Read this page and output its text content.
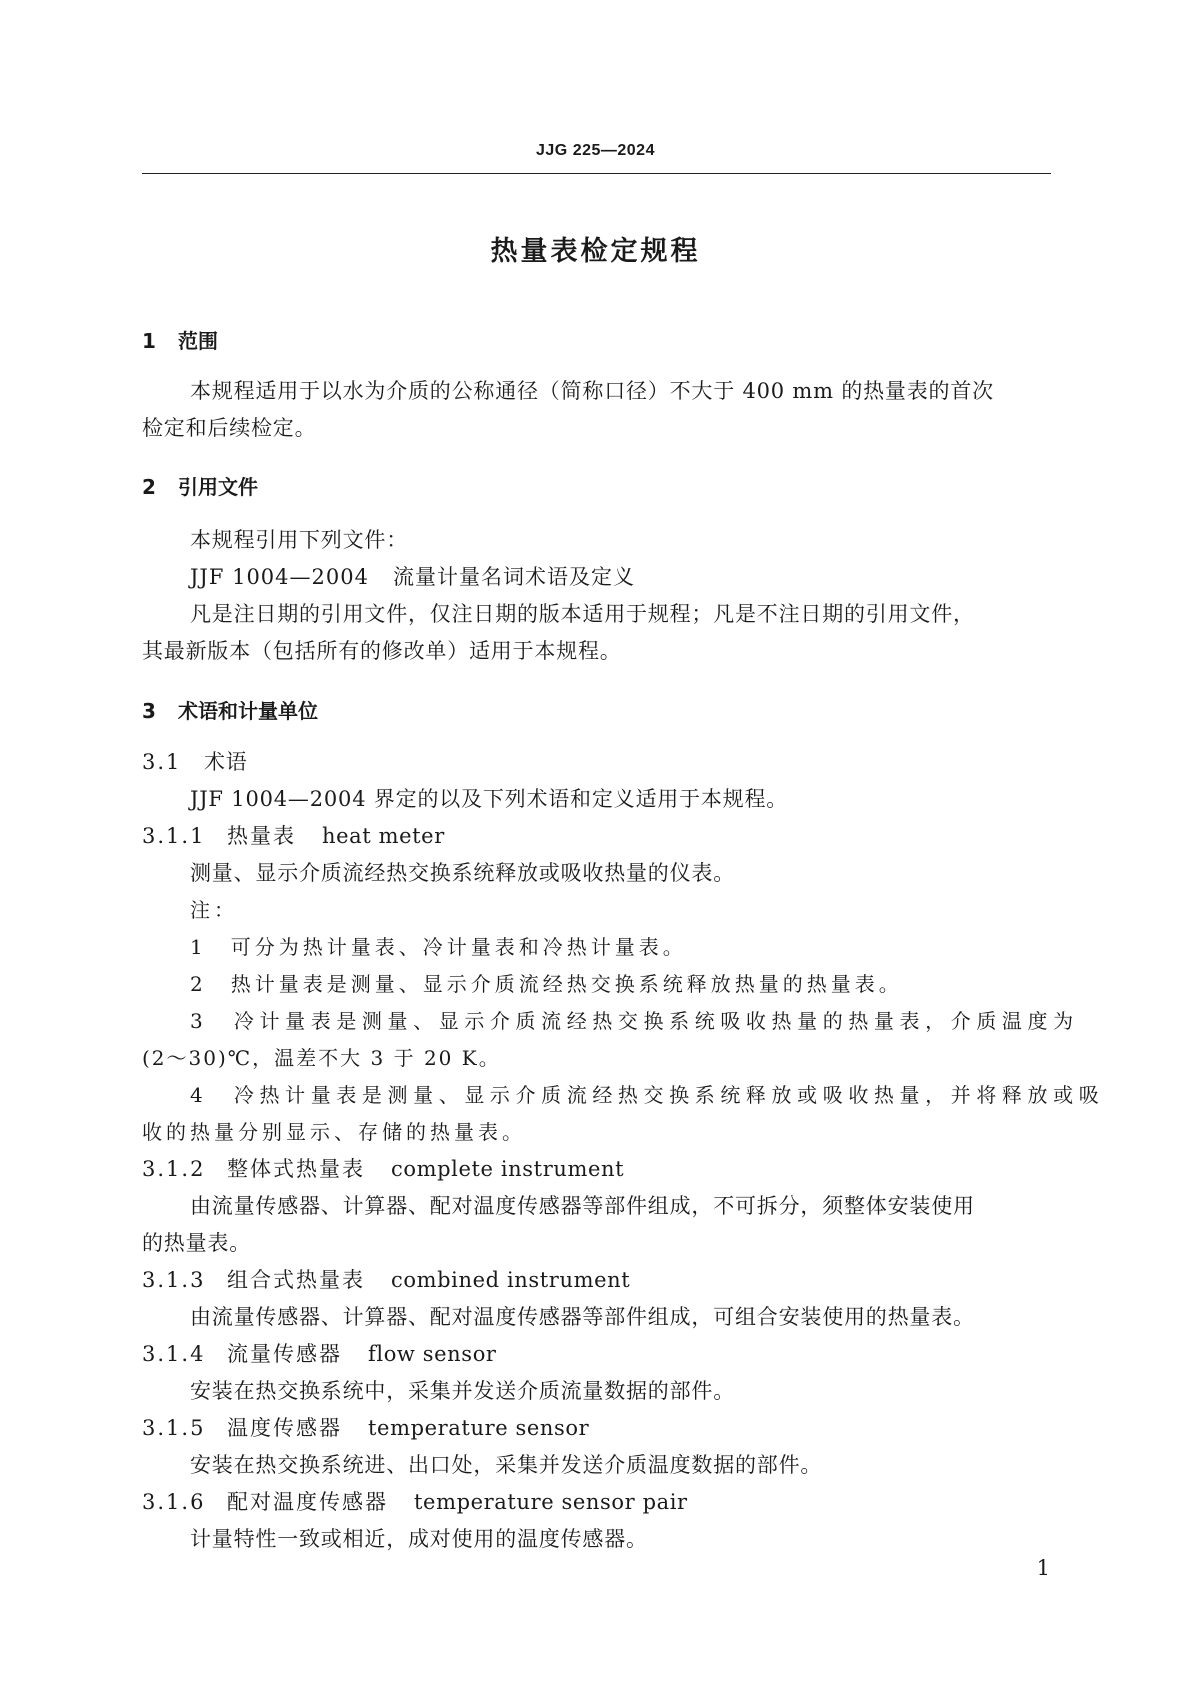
JJG 225—2024
热量表检定规程
1 范围
本规程适用于以水为介质的公称通径（简称口径）不大于 400 mm 的热量表的首次
检定和后续检定。
2 引用文件
本规程引用下列文件：
JJF 1004—2004 流量计量名词术语及定义
凡是注日期的引用文件，仅注日期的版本适用于规程；凡是不注日期的引用文件，
其最新版本（包括所有的修改单）适用于本规程。
3 术语和计量单位
3.1 术语
JJF 1004—2004 界定的以及下列术语和定义适用于本规程。
3.1.1 热量表 heat meter
测量、显示介质流经热交换系统释放或吸收热量的仪表。
注：
1　可分为热计量表、冷计量表和冷热计量表。
2　热计量表是测量、显示介质流经热交换系统释放热量的热量表。
3　冷计量表是测量、显示介质流经热交换系统吸收热量的热量表，介质温度为
(2～30)℃，温差不大 3 于 20 K。
4　冷热计量表是测量、显示介质流经热交换系统释放或吸收热量，并将释放或吸
收的热量分别显示、存储的热量表。
3.1.2 整体式热量表 complete instrument
由流量传感器、计算器、配对温度传感器等部件组成，不可拆分，须整体安装使用
的热量表。
3.1.3 组合式热量表 combined instrument
由流量传感器、计算器、配对温度传感器等部件组成，可组合安装使用的热量表。
3.1.4 流量传感器 flow sensor
安装在热交换系统中，采集并发送介质流量数据的部件。
3.1.5 温度传感器 temperature sensor
安装在热交换系统进、出口处，采集并发送介质温度数据的部件。
3.1.6 配对温度传感器 temperature sensor pair
计量特性一致或相近，成对使用的温度传感器。
1
